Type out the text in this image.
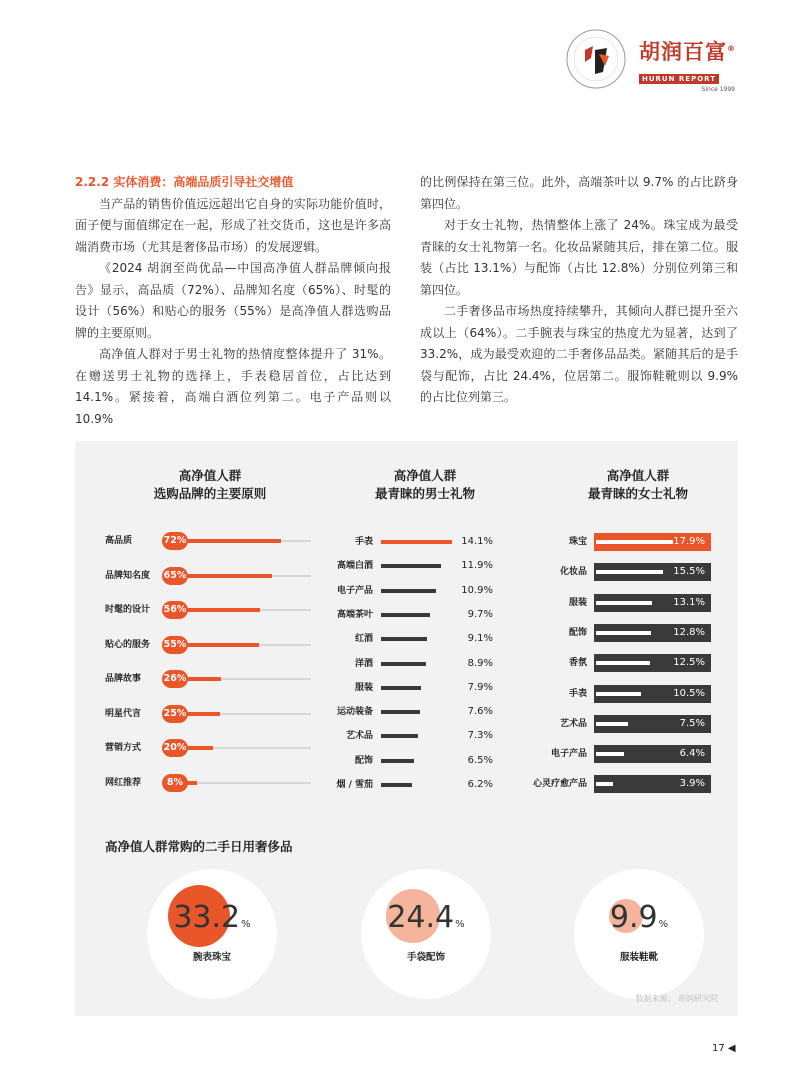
胡润百富®
HURUN REPORT
Since 1999

2.2.2 实体消费：高端品质引导社交增值

当产品的销售价值远远超出它自身的实际功能价值时，面子便与面值绑定在一起，形成了社交货币，这也是许多高端消费市场（尤其是奢侈品市场）的发展逻辑。

《2024 胡润至尚优品—中国高净值人群品牌倾向报告》显示，高品质（72%）、品牌知名度（65%）、时髦的设计（56%）和贴心的服务（55%）是高净值人群选购品牌的主要原则。

高净值人群对于男士礼物的热情度整体提升了 31%。在赠送男士礼物的选择上，手表稳居首位，占比达到 14.1%。紧接着，高端白酒位列第二。电子产品则以 10.9%

的比例保持在第三位。此外，高端茶叶以 9.7% 的占比跻身第四位。

对于女士礼物，热情整体上涨了 24%。珠宝成为最受青睐的女士礼物第一名。化妆品紧随其后，排在第二位。服装（占比 13.1%）与配饰（占比 12.8%）分别位列第三和第四位。

二手奢侈品市场热度持续攀升，其倾向人群已提升至六成以上（64%）。二手腕表与珠宝的热度尤为显著，达到了 33.2%，成为最受欢迎的二手奢侈品品类。紧随其后的是手袋与配饰，占比 24.4%，位居第二。服饰鞋靴则以 9.9% 的占比位列第三。

高净值人群
选购品牌的主要原则
高净值人群
最青睐的男士礼物
高净值人群
最青睐的女士礼物
高品质	72%
品牌知名度 65%
时髦的设计 56%
贴心的服务 55%
品牌故事 26%
明星代言 25%
营销方式 20%
网红推荐	8%
手表	14.1%
高端白酒	11.9%
电子产品	10.9%
高端茶叶	9.7%
红酒	9.1%
洋酒	8.9%
服装	7.9%
运动装备	7.6%
艺术品	7.3%
配饰	6.5%
烟 / 雪茄	6.2%
珠宝	17.9%
化妆品	15.5%
服装	13.1%
配饰	12.8%
香氛	12.5%
手表	10.5%
艺术品	7.5%
电子产品	6.4%
心灵疗愈产品	3.9%
高净值人群常购的二手日用奢侈品
33.2%
腕表珠宝
24.4%
手袋配饰
9.9%
服装鞋靴
数据来源： 胡润研究院
17 ◀
